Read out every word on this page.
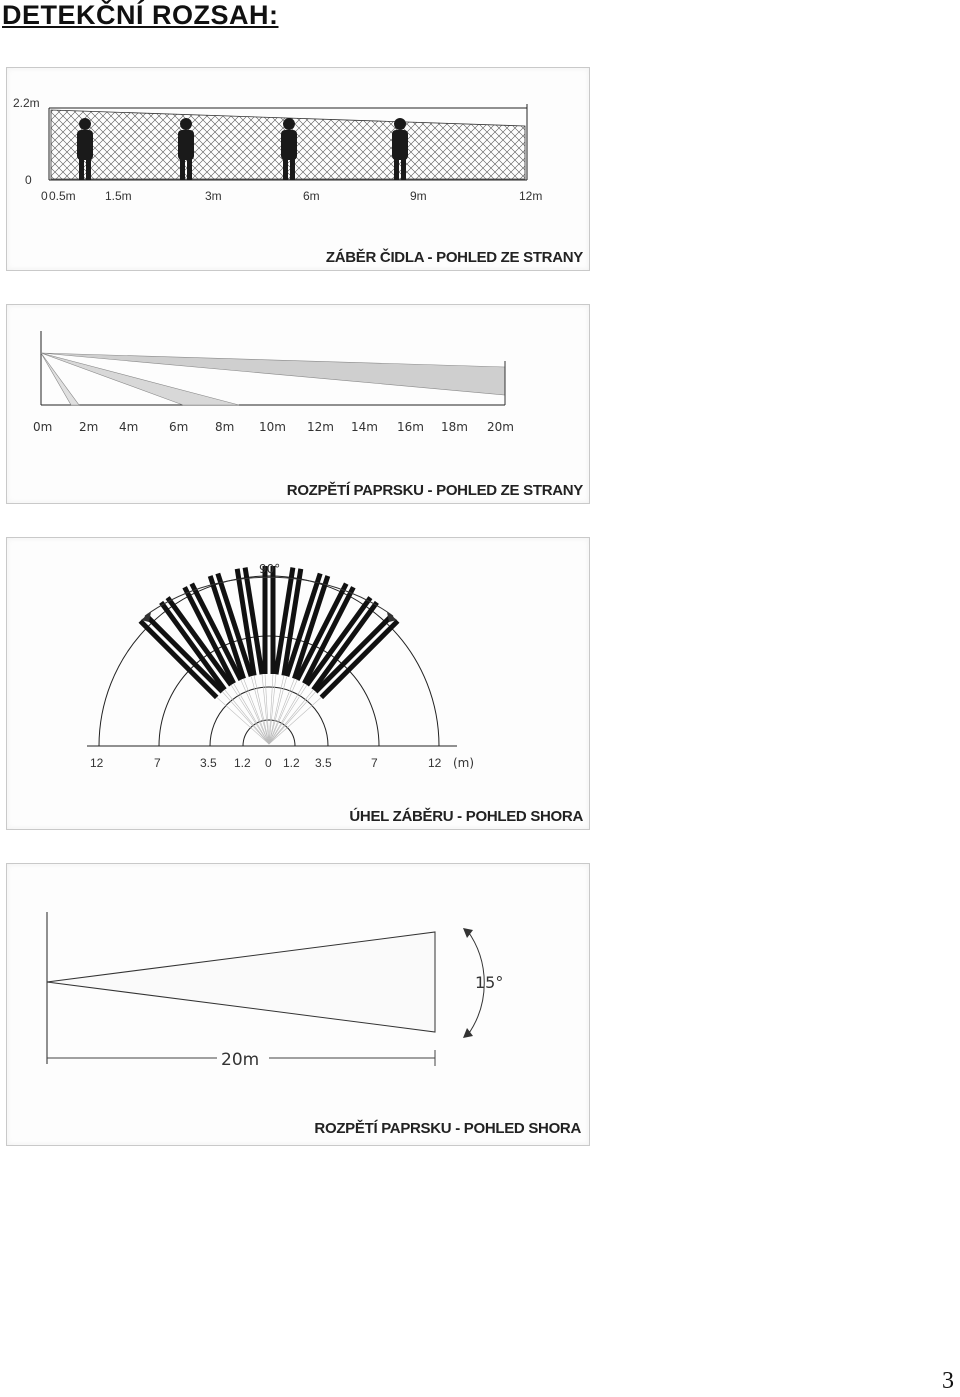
DETEKČNÍ ROZSAH:
2.2m
0
0 0.5m 1.5m	3m	6m	9m	12m
ZÁBĚR ČIDLA - POHLED ZE STRANY
0m 2m 4m	6m 8m 10m 12m 14m 16m 18m 20m
ROZPĚTÍ PAPRSKU - POHLED ZE STRANY
90°
12	7	3.5 1.2 0 1.2 3.5	7	12 (m)
ÚHEL ZÁBĚRU - POHLED SHORA
20m
15°
ROZPĚTÍ PAPRSKU - POHLED SHORA
3
